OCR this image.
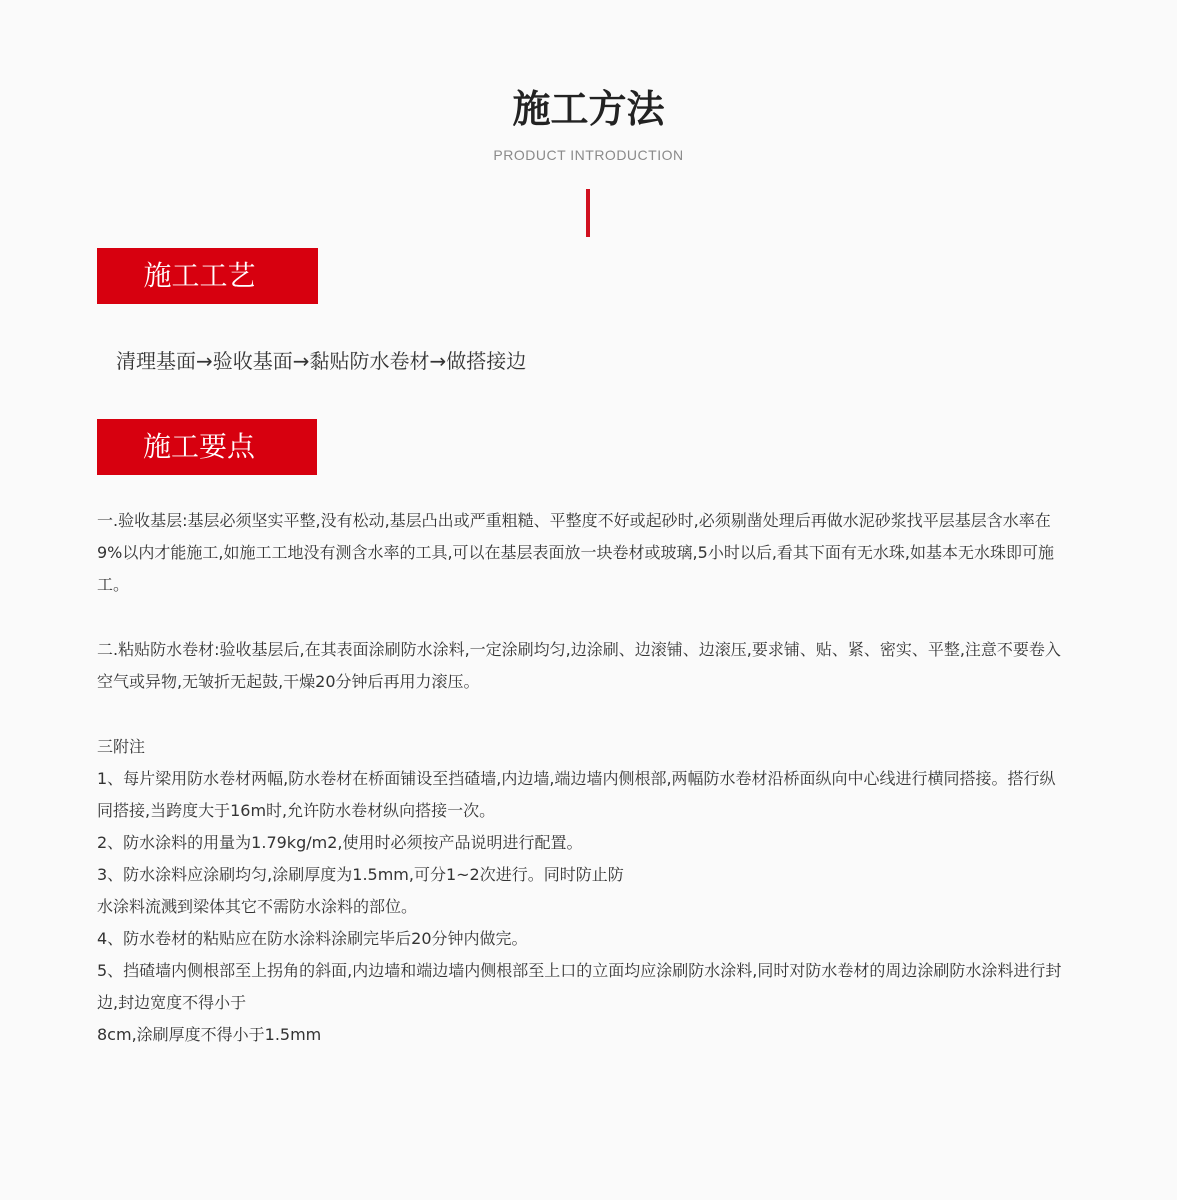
施工方法
PRODUCT INTRODUCTION
施工工艺
清理基面→验收基面→黏贴防水卷材→做搭接边
施工要点
一.验收基层:基层必须坚实平整,没有松动,基层凸出或严重粗糙、平整度不好或起砂时,必须剔凿处理后再做水泥砂浆找平层基层含水率在9%以内才能施工,如施工工地没有测含水率的工具,可以在基层表面放一块卷材或玻璃,5小时以后,看其下面有无水珠,如基本无水珠即可施工。
二.粘贴防水卷材:验收基层后,在其表面涂刷防水涂料,一定涂刷均匀,边涂刷、边滚铺、边滚压,要求铺、贴、紧、密实、平整,注意不要卷入空气或异物,无皱折无起鼓,干燥20分钟后再用力滚压。

三附注

1、每片梁用防水卷材两幅,防水卷材在桥面铺设至挡碴墙,内边墙,端边墙内侧根部,两幅防水卷材沿桥面纵向中心线进行横同搭接。搭行纵同搭接,当跨度大于16m时,允许防水卷材纵向搭接一次。

2、防水涂料的用量为1.79kg/m2,使用时必须按产品说明进行配置。

3、防水涂料应涂刷均匀,涂刷厚度为1.5mm,可分1~2次进行。同时防止防

水涂料流溅到梁体其它不需防水涂料的部位。

4、防水卷材的粘贴应在防水涂料涂刷完毕后20分钟内做完。

5、挡碴墙内侧根部至上拐角的斜面,内边墙和端边墙内侧根部至上口的立面均应涂刷防水涂料,同时对防水卷材的周边涂刷防水涂料进行封边,封边宽度不得小于

8cm,涂刷厚度不得小于1.5mm
